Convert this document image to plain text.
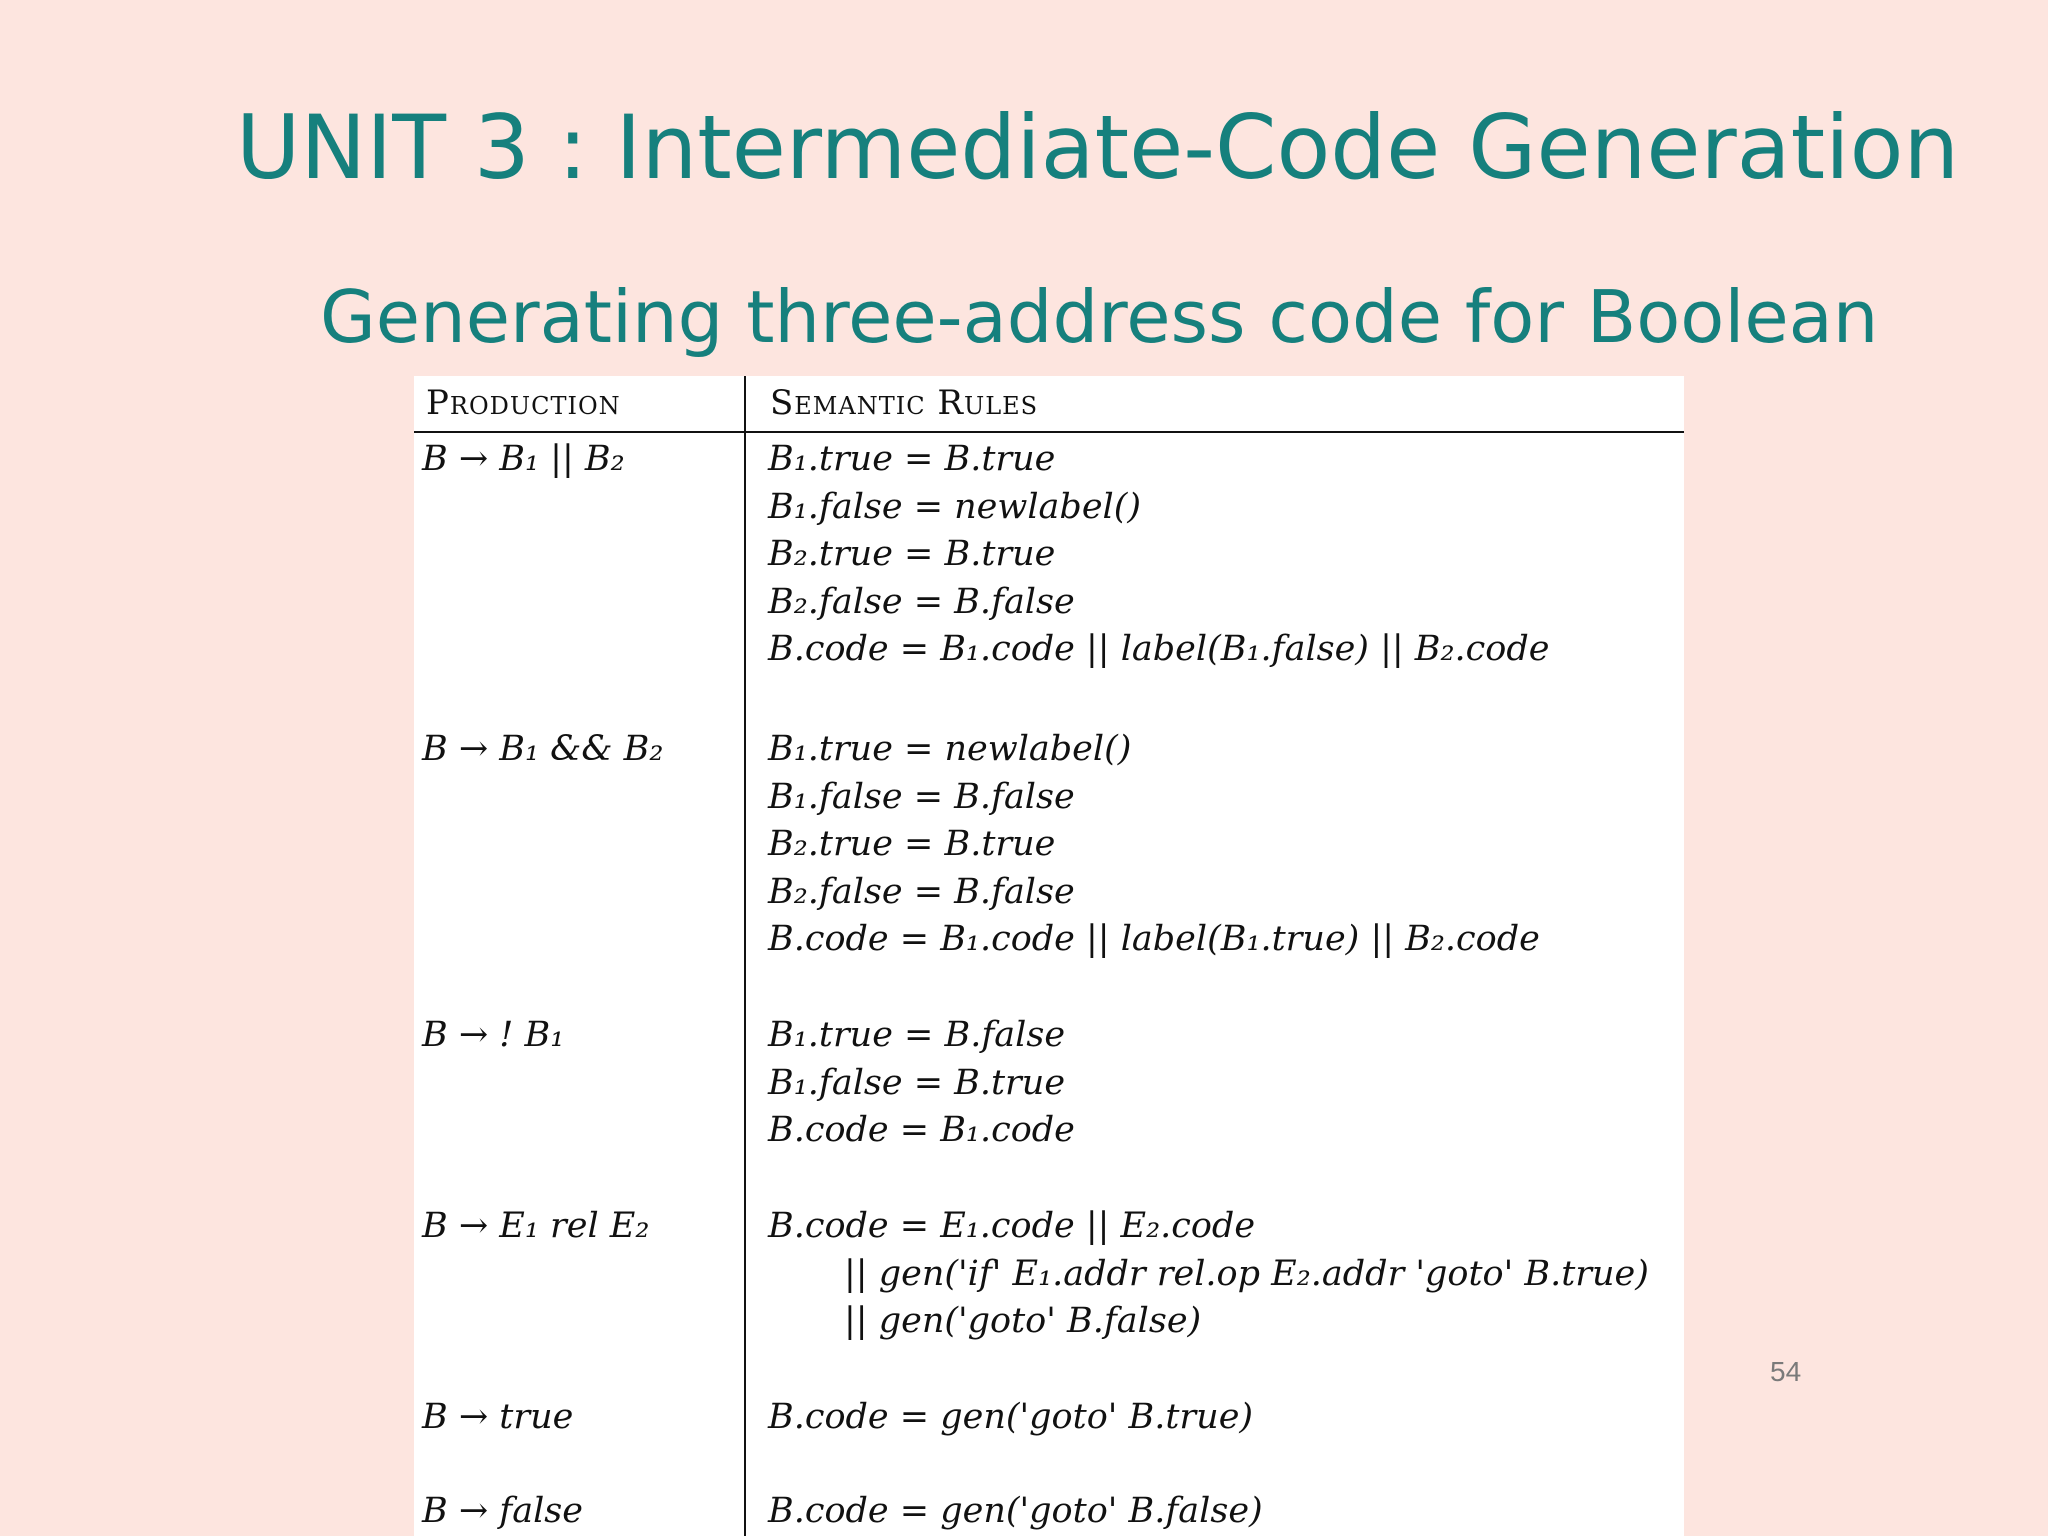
UNIT 3 : Intermediate-Code Generation
Generating three-address code for Boolean
Production	Semantic Rules
B → B₁ || B₂	B₁.true = B.true
B₁.false = newlabel()
B₂.true = B.true
B₂.false = B.false
B.code = B₁.code || label(B₁.false) || B₂.code
B → B₁ && B₂	B₁.true = newlabel()
B₁.false = B.false
B₂.true = B.true
B₂.false = B.false
B.code = B₁.code || label(B₁.true) || B₂.code
B → ! B₁	B₁.true = B.false
B₁.false = B.true
B.code = B₁.code
B → E₁ rel E₂	B.code = E₁.code || E₂.code
|| gen('if' E₁.addr rel.op E₂.addr 'goto' B.true)
|| gen('goto' B.false)
B → true	B.code = gen('goto' B.true)
B → false	B.code = gen('goto' B.false)
54
